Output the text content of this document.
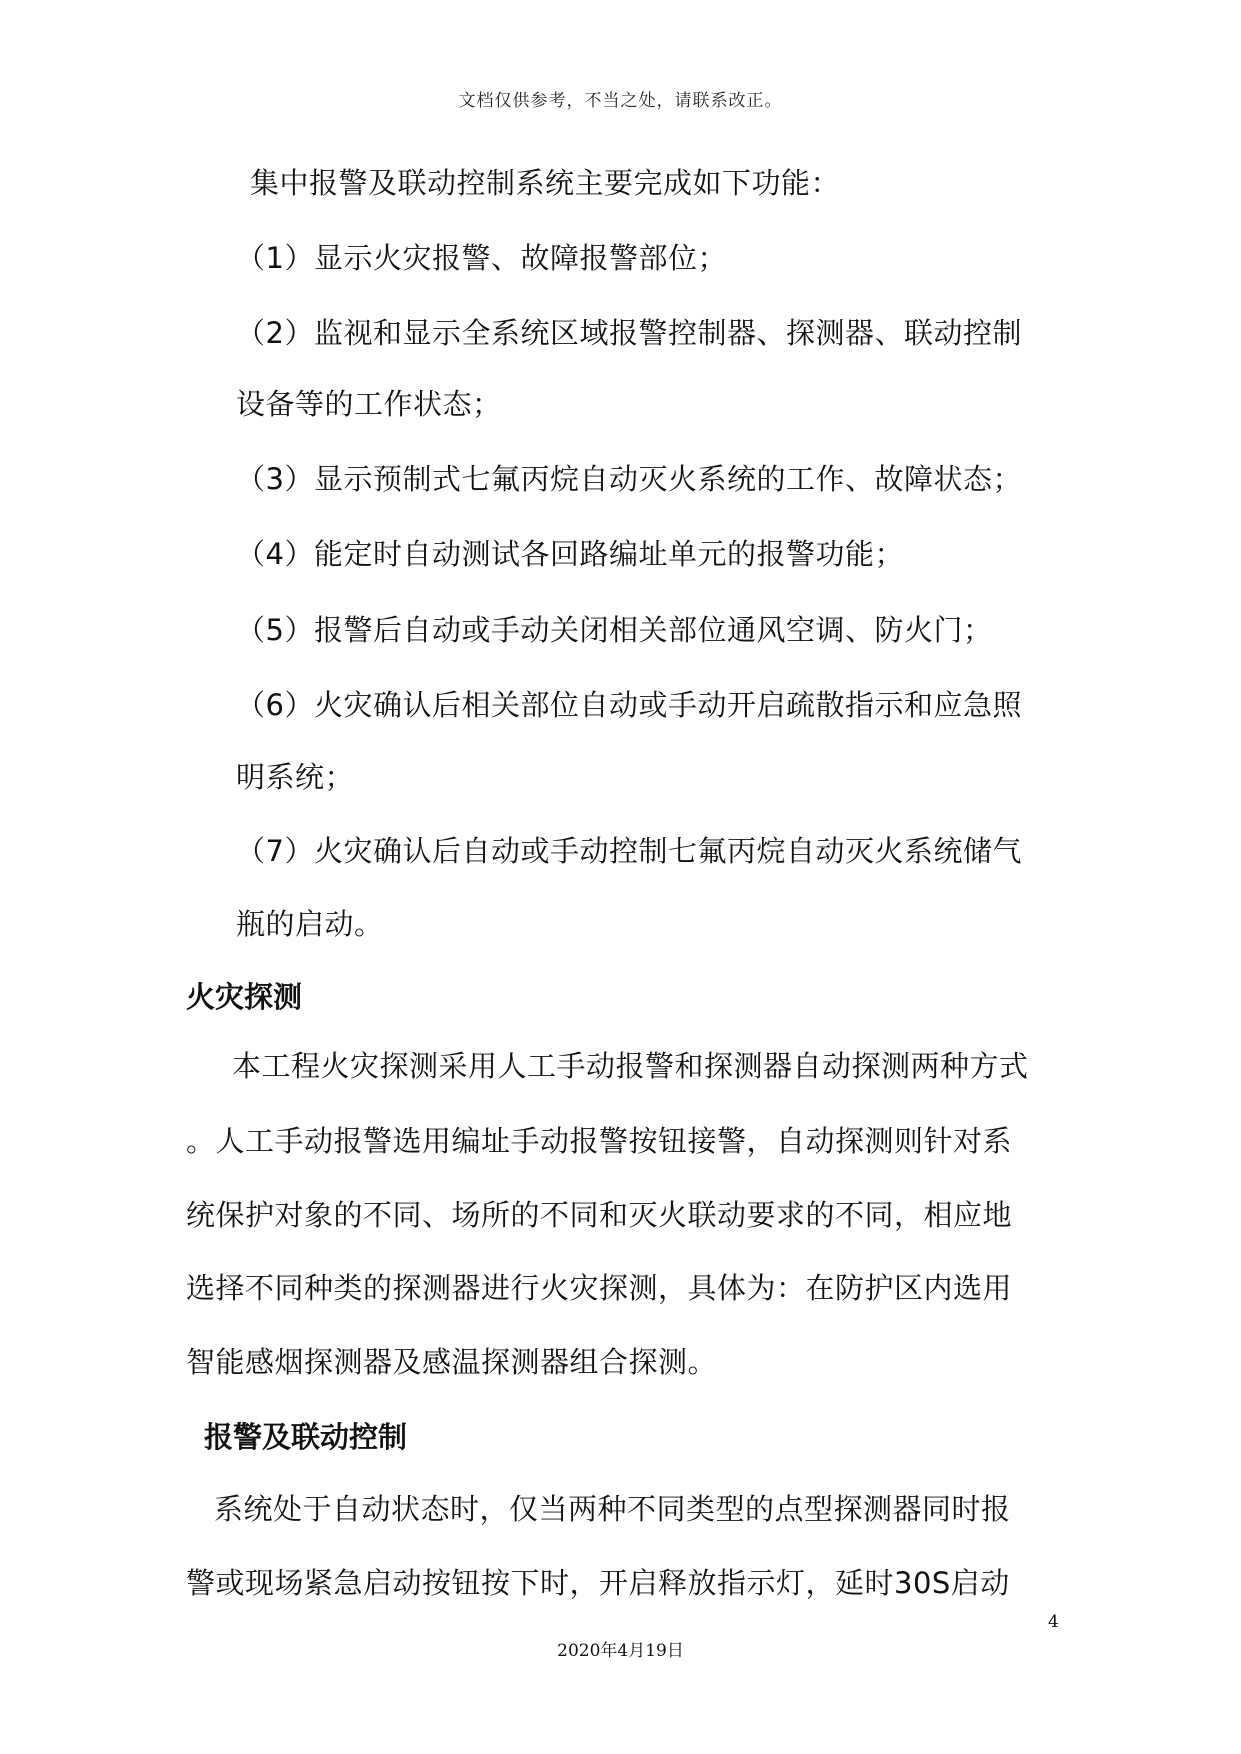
文档仅供参考，不当之处，请联系改正。
集中报警及联动控制系统主要完成如下功能：
（1）显示火灾报警、故障报警部位；
（2）监视和显示全系统区域报警控制器、探测器、联动控制
设备等的工作状态；
（3）显示预制式七氟丙烷自动灭火系统的工作、故障状态；
（4）能定时自动测试各回路编址单元的报警功能；
（5）报警后自动或手动关闭相关部位通风空调、防火门；
（6）火灾确认后相关部位自动或手动开启疏散指示和应急照
明系统；
（7）火灾确认后自动或手动控制七氟丙烷自动灭火系统储气
瓶的启动。
火灾探测
本工程火灾探测采用人工手动报警和探测器自动探测两种方式
。人工手动报警选用编址手动报警按钮接警，自动探测则针对系
统保护对象的不同、场所的不同和灭火联动要求的不同，相应地
选择不同种类的探测器进行火灾探测，具体为：在防护区内选用
智能感烟探测器及感温探测器组合探测。
报警及联动控制
系统处于自动状态时，仅当两种不同类型的点型探测器同时报
警或现场紧急启动按钮按下时，开启释放指示灯，延时30S启动
4
2020年4月19日
